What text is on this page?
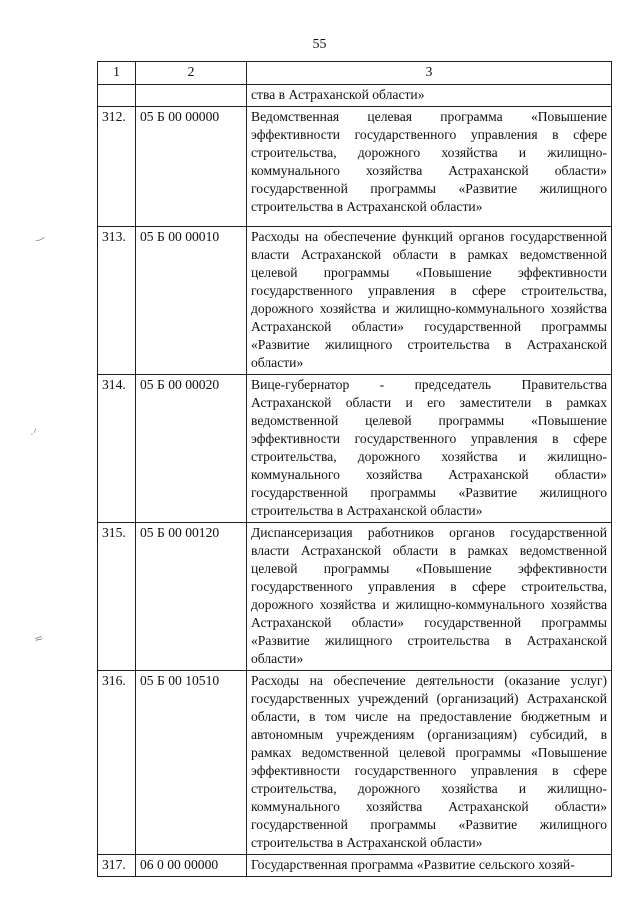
55
1	2	3
		ства в Астраханской области»
312.	05 Б 00 00000	Ведомственная целевая программа «Повышение эффективности государственного управления в сфере строительства, дорожного хозяйства и жилищно-коммунального хозяйства Астраханской области» государственной программы «Развитие жилищного строительства в Астраханской области»
313.	05 Б 00 00010	Расходы на обеспечение функций органов государственной власти Астраханской области в рамках ведомственной целевой программы «Повышение эффективности государственного управления в сфере строительства, дорожного хозяйства и жилищно-коммунального хозяйства Астраханской области» государственной программы «Развитие жилищного строительства в Астраханской области»
314.	05 Б 00 00020	Вице-губернатор - председатель Правительства Астраханской области и его заместители в рамках ведомственной целевой программы «Повышение эффективности государственного управления в сфере строительства, дорожного хозяйства и жилищно-коммунального хозяйства Астраханской области» государственной программы «Развитие жилищного строительства в Астраханской области»
315.	05 Б 00 00120	Диспансеризация работников органов государственной власти Астраханской области в рамках ведомственной целевой программы «Повышение эффективности государственного управления в сфере строительства, дорожного хозяйства и жилищно-коммунального хозяйства Астраханской области» государственной программы «Развитие жилищного строительства в Астраханской области»
316.	05 Б 00 10510	Расходы на обеспечение деятельности (оказание услуг) государственных учреждений (организаций) Астраханской области, в том числе на предоставление бюджетным и автономным учреждениям (организациям) субсидий, в рамках ведомственной целевой программы «Повышение эффективности государственного управления в сфере строительства, дорожного хозяйства и жилищно-коммунального хозяйства Астраханской области» государственной программы «Развитие жилищного строительства в Астраханской области»
317.	06 0 00 00000	Государственная программа «Развитие сельского хозяй-
‿
·ᐟ
≂
